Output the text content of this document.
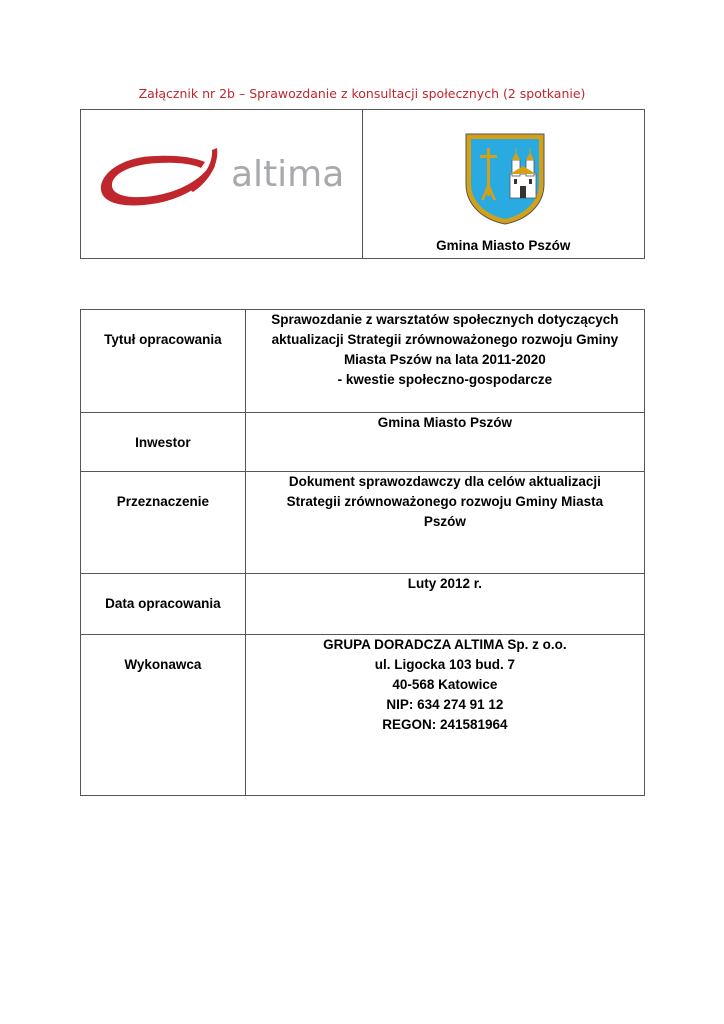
Załącznik nr 2b – Sprawozdanie z konsultacji społecznych (2 spotkanie)
altima

Gmina Miasto Pszów
Tytuł opracowania	Sprawozdanie z warsztatów społecznych dotyczących
aktualizacji Strategii zrównoważonego rozwoju Gminy
Miasta Pszów na lata 2011-2020
- kwestie społeczno-gospodarcze

Inwestor	Gmina Miasto Pszów

Przeznaczenie	Dokument sprawozdawczy dla celów aktualizacji
Strategii zrównoważonego rozwoju Gminy Miasta
Pszów

Data opracowania	Luty 2012 r.

Wykonawca	GRUPA DORADCZA ALTIMA Sp. z o.o.
ul. Ligocka 103 bud. 7
40-568 Katowice
NIP: 634 274 91 12
REGON: 241581964
